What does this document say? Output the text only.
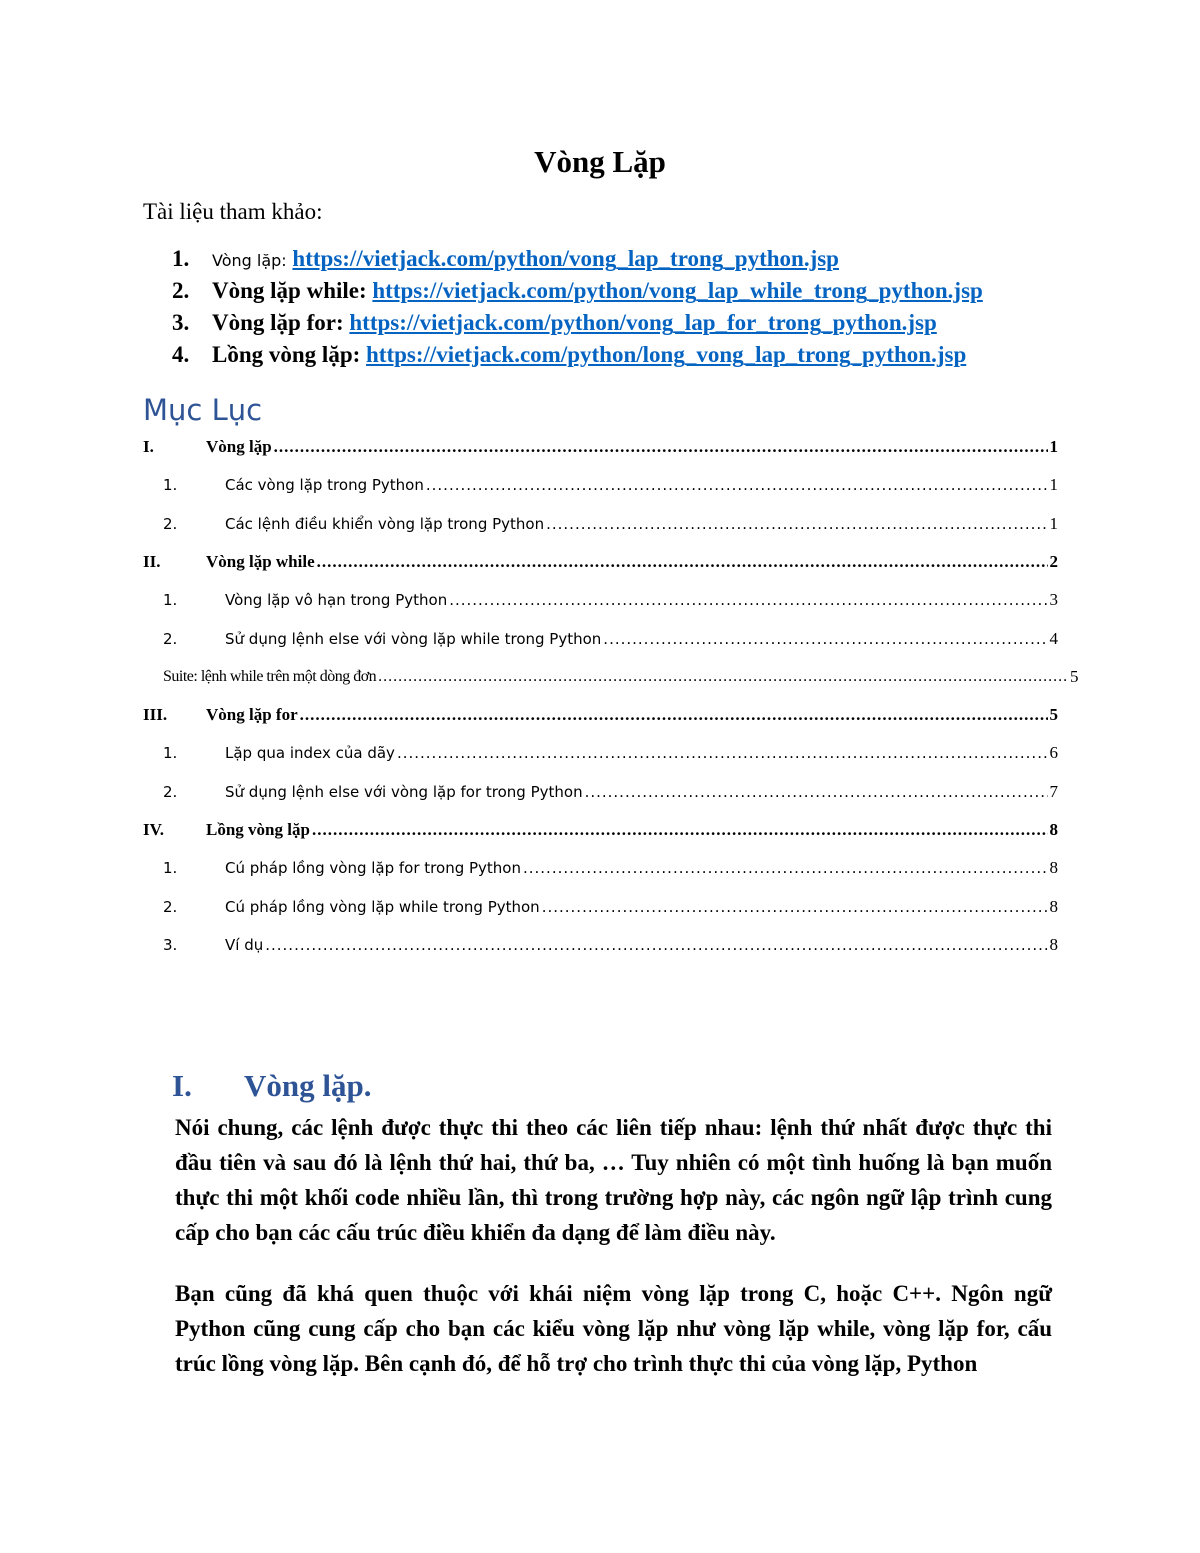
Vòng Lặp
Tài liệu tham khảo:
1. Vòng lặp: https://vietjack.com/python/vong_lap_trong_python.jsp
2. Vòng lặp while: https://vietjack.com/python/vong_lap_while_trong_python.jsp
3. Vòng lặp for: https://vietjack.com/python/vong_lap_for_trong_python.jsp
4. Lồng vòng lặp: https://vietjack.com/python/long_vong_lap_trong_python.jsp
Mục Lục
I.	Vòng lặp .....	1
1.	Các vòng lặp trong Python .....	1
2.	Các lệnh điều khiển vòng lặp trong Python .....	1
II.	Vòng lặp while .....	2
1.	Vòng lặp vô hạn trong Python .....	3
2.	Sử dụng lệnh else với vòng lặp while trong Python .....	4
Suite: lệnh while trên một dòng đơn .....	5
III.	Vòng lặp for .....	5
1.	Lặp qua index của dãy .....	6
2.	Sử dụng lệnh else với vòng lặp for trong Python .....	7
IV.	Lồng vòng lặp .....	8
1.	Cú pháp lồng vòng lặp for trong Python .....	8
2.	Cú pháp lồng vòng lặp while trong Python .....	8
3.	Ví dụ .....	8
I. Vòng lặp.

Nói chung, các lệnh được thực thi theo các liên tiếp nhau: lệnh thứ nhất được thực thi đầu tiên và sau đó là lệnh thứ hai, thứ ba, … Tuy nhiên có một tình huống là bạn muốn thực thi một khối code nhiều lần, thì trong trường hợp này, các ngôn ngữ lập trình cung cấp cho bạn các cấu trúc điều khiển đa dạng để làm điều này.

Bạn cũng đã khá quen thuộc với khái niệm vòng lặp trong C, hoặc C++. Ngôn ngữ Python cũng cung cấp cho bạn các kiểu vòng lặp như vòng lặp while, vòng lặp for, cấu trúc lồng vòng lặp. Bên cạnh đó, để hỗ trợ cho trình thực thi của vòng lặp, Python
